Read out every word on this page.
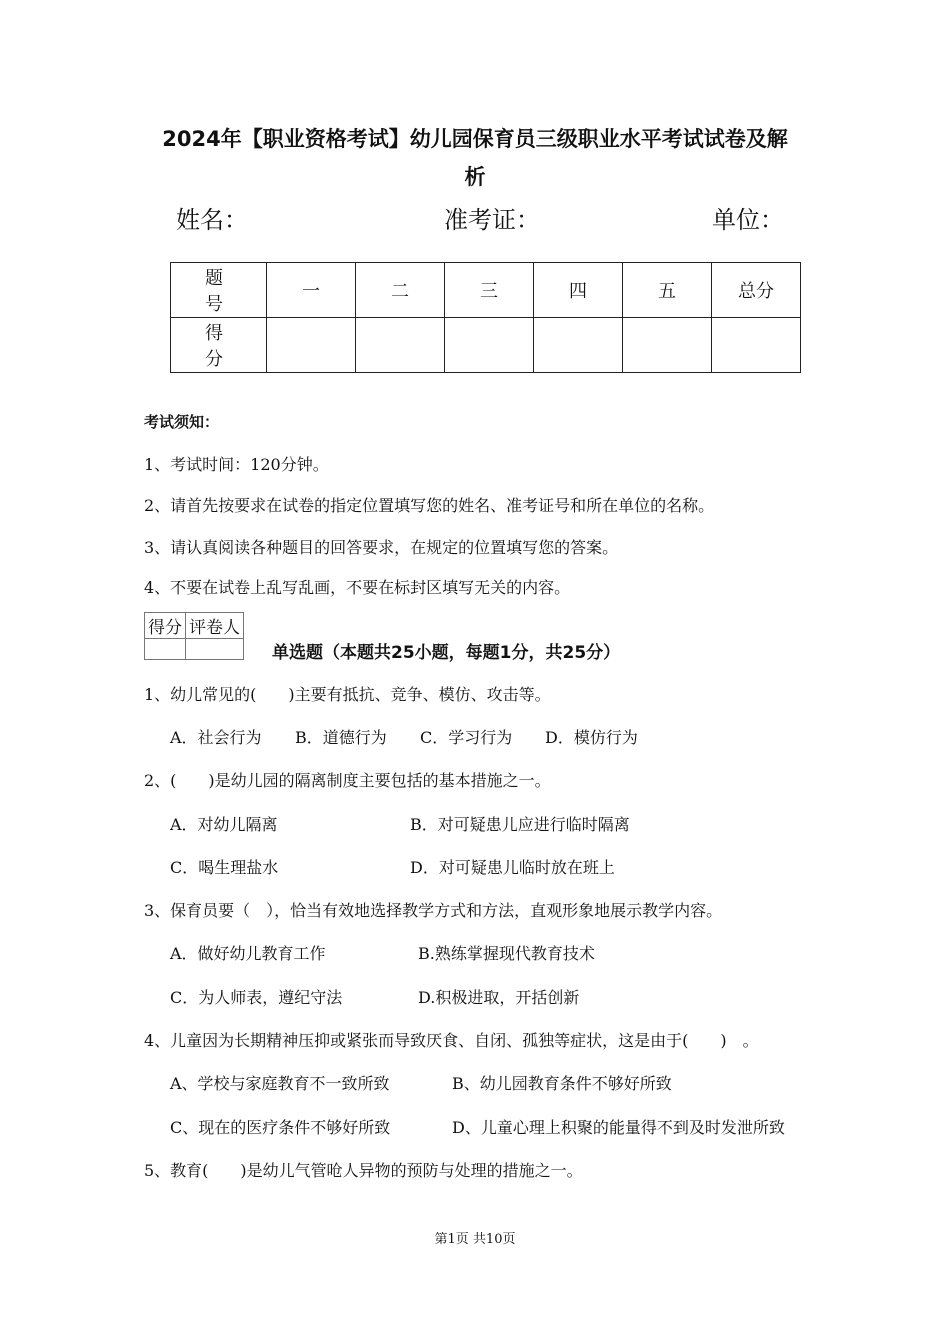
2024年【职业资格考试】幼儿园保育员三级职业水平考试试卷及解
析
姓名：	准考证：	单位：
题 号	一	二	三	四	五	总分
得 分						
考试须知：
1、考试时间：120分钟。
2、请首先按要求在试卷的指定位置填写您的姓名、准考证号和所在单位的名称。
3、请认真阅读各种题目的回答要求，在规定的位置填写您的答案。
4、不要在试卷上乱写乱画，不要在标封区填写无关的内容。
得分	评卷人

单选题（本题共25小题，每题1分，共25分）
1、幼儿常见的(　　)主要有抵抗、竞争、模仿、攻击等。
A．社会行为 B．道德行为 C．学习行为 D．模仿行为
2、(　　)是幼儿园的隔离制度主要包括的基本措施之一。
A．对幼儿隔离	B．对可疑患儿应进行临时隔离
C．喝生理盐水	D．对可疑患儿临时放在班上
3、保育员要（　），恰当有效地选择教学方式和方法，直观形象地展示教学内容。
A．做好幼儿教育工作	B.熟练掌握现代教育技术
C．为人师表，遵纪守法	D.积极进取，开括创新
4、儿童因为长期精神压抑或紧张而导致厌食、自闭、孤独等症状，这是由于(　　)　。
A、学校与家庭教育不一致所致	B、幼儿园教育条件不够好所致
C、现在的医疗条件不够好所致	D、儿童心理上积聚的能量得不到及时发泄所致
5、教育(　　)是幼儿气管呛人异物的预防与处理的措施之一。
第1页 共10页
